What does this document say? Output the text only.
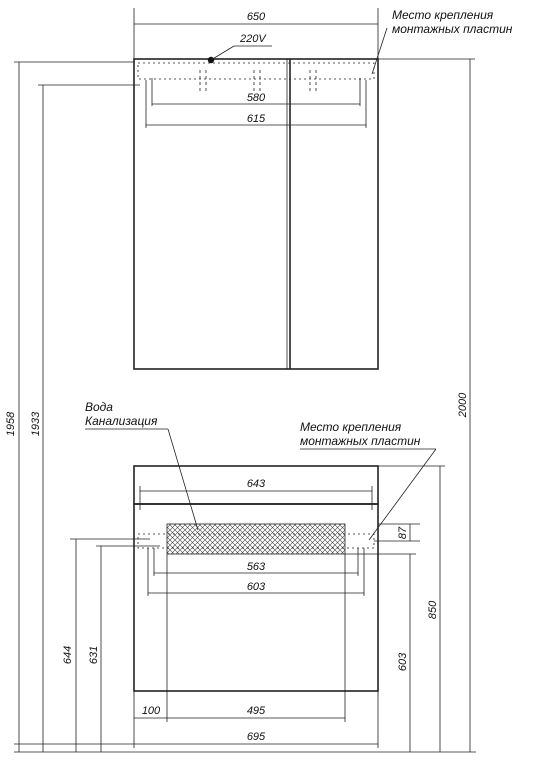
650
220V
Место крепления
монтажных пластин
580
615
Вода
Канализация	Место крепления
монтажных пластин
643
563
603
100	495
695
87
1958 1933
2000
644 631	603
850
